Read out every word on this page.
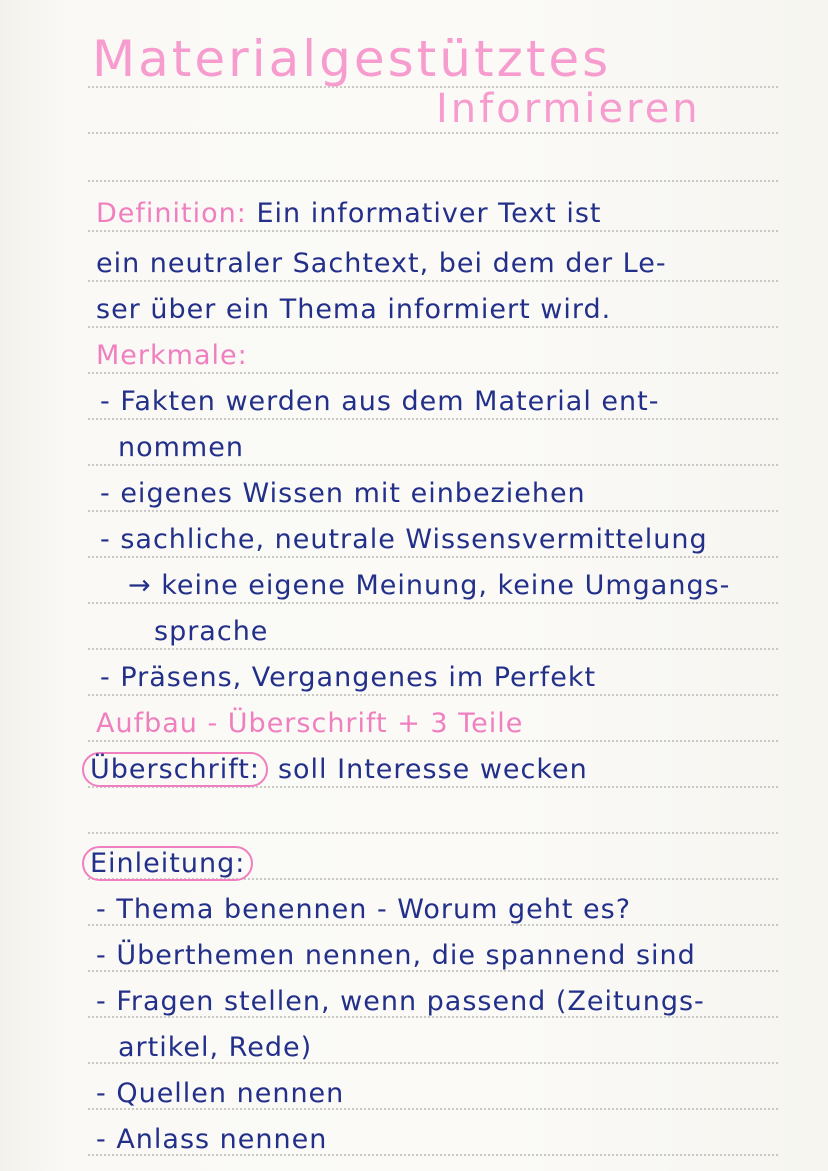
Materialgestütztes
Informieren
Definition: Ein informativer Text ist
ein neutraler Sachtext, bei dem der Le-
ser über ein Thema informiert wird.
Merkmale:
- Fakten werden aus dem Material ent-
nommen
- eigenes Wissen mit einbeziehen
- sachliche, neutrale Wissensvermittelung
→ keine eigene Meinung, keine Umgangs-
sprache
- Präsens, Vergangenes im Perfekt
Aufbau - Überschrift + 3 Teile
Überschrift: soll Interesse wecken
Einleitung:
- Thema benennen - Worum geht es?
- Überthemen nennen, die spannend sind
- Fragen stellen, wenn passend (Zeitungs-
artikel, Rede)
- Quellen nennen
- Anlass nennen
